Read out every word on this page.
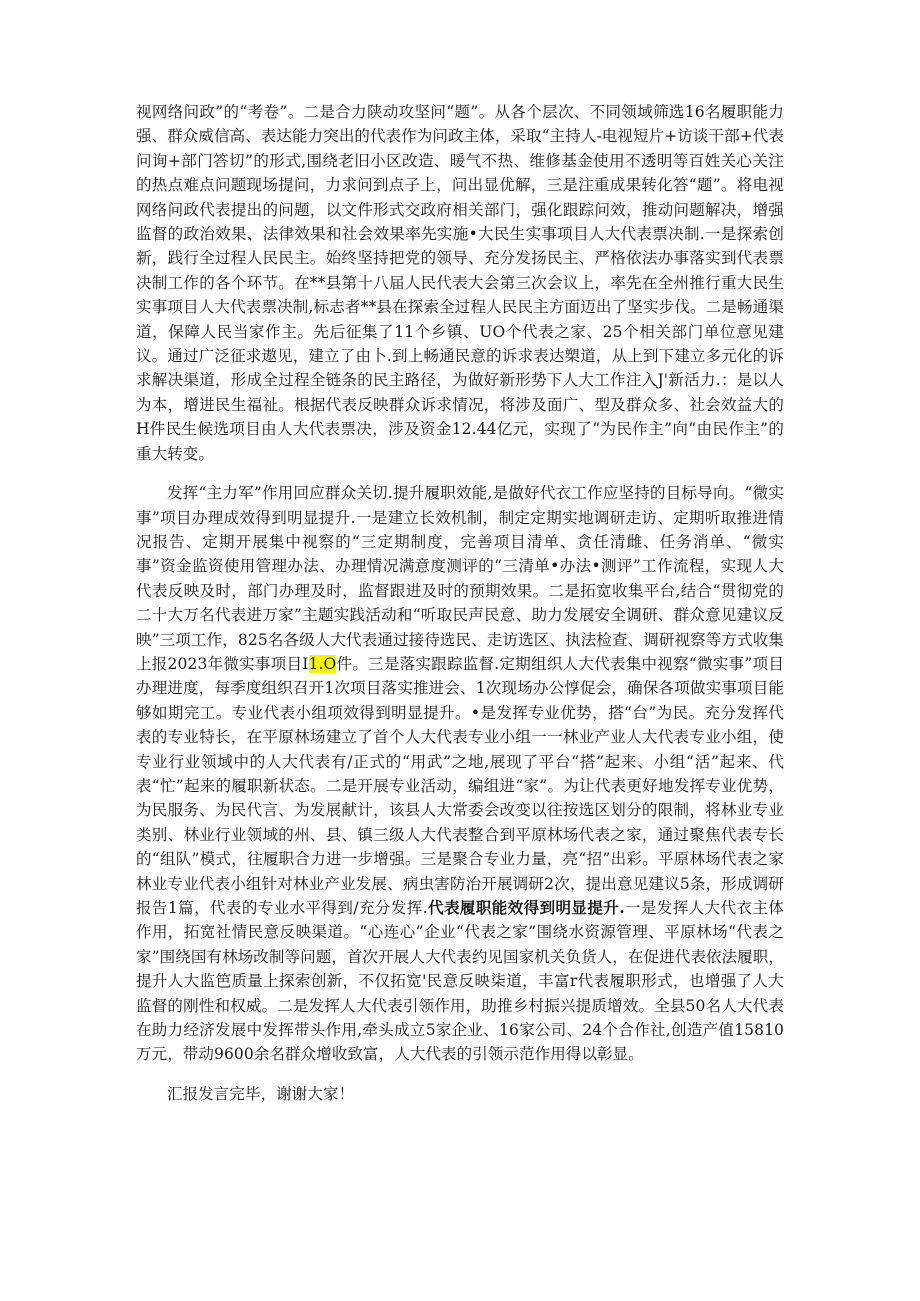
视网络问政”的“考卷”。二是合力陕动攻坚问“题”。从各个层次、不同领域筛选16名履职能力强、群众威信高、表达能力突出的代表作为问政主体，采取“主持人-电视短片+访谈干部+代表问询+部门答切”的形式,围绕老旧小区改造、暖气不热、维修基金使用不透明等百姓关心关注的热点难点问题现场提问，力求问到点子上，问出显优解，三是注重成果转化答“题”。将电视网络问政代表提出的问题，以文件形式交政府相关部门，强化跟踪问效，推动问题解决，增强监督的政治效果、法律效果和社会效果率先实施•大民生实事项目人大代表票决制.一是探索创新，践行全过程人民民主。始终坚持把党的领导、充分发扬民主、严格依法办事落实到代表票决制工作的各个环节。在**县第十八届人民代表大会第三次会议上，率先在全州推行重大民生实事项目人大代表票决制,标志者**县在探索全过程人民民主方面迈出了坚实步伐。二是畅通渠道，保障人民当家作主。先后征集了11个乡镇、UO个代表之家、25个相关部门单位意见建议。通过广泛征求遨见，建立了由卜.到上畅通民意的诉求表达槊道，从上到下建立多元化的诉求解决渠道，形成全过程全链条的民主路径，为做好新形势下人大工作注入J'新活力.：是以人为本，增进民生福祉。根据代表反映群众诉求情况，将涉及面广、型及群众多、社会效益大的H件民生候选项目由人大代表票决，涉及资金12.44亿元，实现了“为民作主”向“由民作主”的重大转变。

发挥“主力军”作用回应群众关切.提升履职效能,是做好代衣工作应坚持的目标导向。“微实事”项目办理成效得到明显提升.一是建立长效机制，制定定期实地调研走访、定期听取推进情况报告、定期开展集中视察的“三定期制度，完善项目清单、贪任清雌、任务消单、“微实事”资金监资使用管理办法、办理情况满意度测评的“三清单•办法•测评”工作流程，实现人大代表反映及时，部门办理及时，监督跟进及时的预期效果。二是拓宽收集平台,结合“贯彻党的二十大万名代表进万家”主题实践活动和“听取民声民意、助力发展安全调研、群众意见建议反映”三项工作，825名各级人大代表通过接待选民、走访选区、执法检查、调研视察等方式收集上报2023年微实事项目I1.O件。三是落实跟踪监督.定期组织人大代表集中视察“微实事”项目办理进度，每季度组织召开1次项目落实推进会、1次现场办公惇促会，确保各项做实事项目能够如期完工。专业代表小组项效得到明显提升。•是发挥专业优势，搭“台”为民。充分发挥代表的专业特长，在平原林场建立了首个人大代表专业小组一一林业产业人大代表专业小组，使专业行业领域中的人大代表有/正式的“用武”之地,展现了平台“搭”起来、小组“活”起来、代表“忙”起来的履职新状态。二是开展专业活动，编组进“家”。为让代表更好地发挥专业优势，为民服务、为民代言、为发展献计，该县人大常委会改变以往按选区划分的限制，将林业专业类别、林业行业领域的州、县、镇三级人大代表整合到平原林场代表之家，通过聚焦代表专长的“组队”模式，往履职合力进一步增强。三是聚合专业力量，亮“招”出彩。平原林场代表之家林业专业代表小组针对林业产业发展、病虫害防治开展调研2次，提出意见建议5条，形成调研报告1篇，代表的专业水平得到/充分发挥.代表履职能效得到明显提升.一是发挥人大代衣主体作用，拓宽社情民意反映渠道。“心连心”企业“代表之家”围绕水资源管理、平原林场“代表之家”围绕国有林场改制等问题，首次开展人大代表约见国家机关负货人，在促进代表依法履职，提升人大监笆质量上探索创新，不仅拓宽'民意反映柒道，丰富r代表履职形式，也增强了人大监督的刚性和权威。二是发挥人大代表引领作用，助推乡村振兴提质增效。全县50名人大代表在助力经济发展中发挥带头作用,牵头成立5家企业、16家公司、24个合作社,创造产值15810万元，带动9600余名群众增收致富，人大代表的引领示范作用得以彰显。

汇报发言完毕，谢谢大家！
